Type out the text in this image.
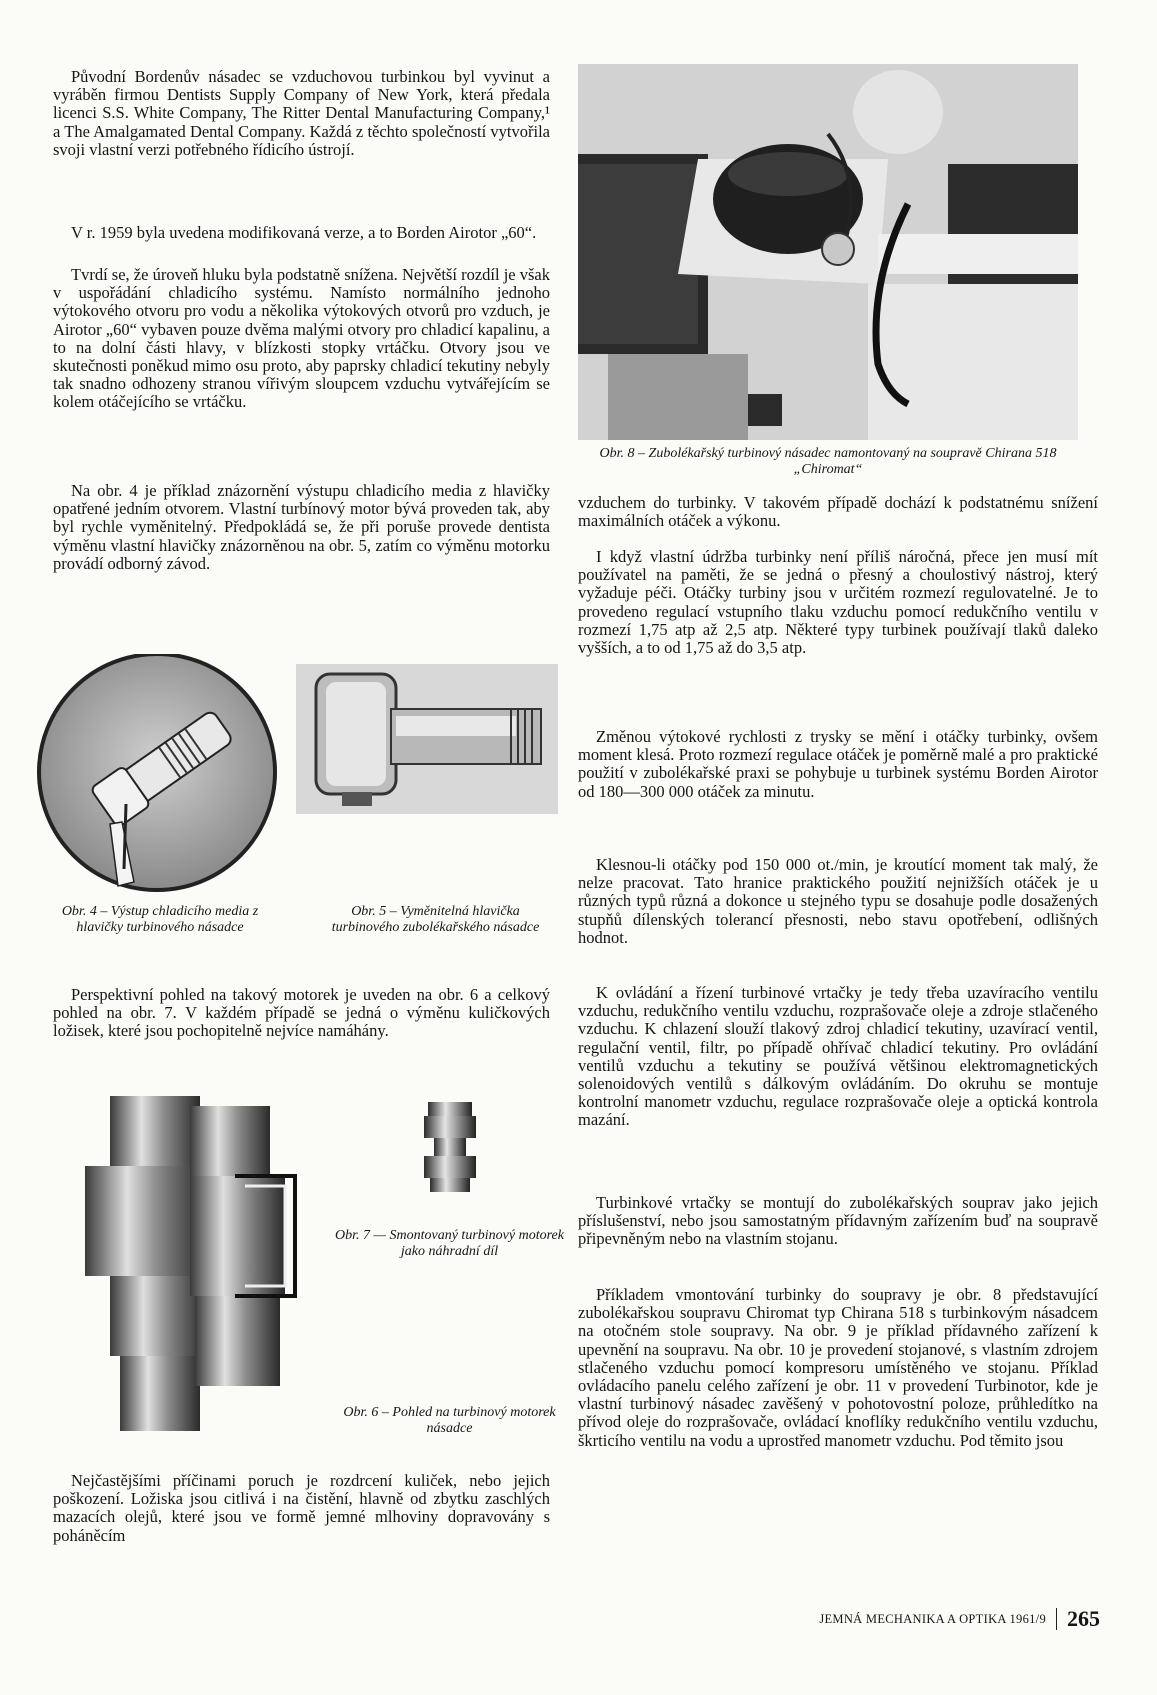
Původní Bordenův násadec se vzduchovou turbinkou byl vyvinut a vyráběn firmou Dentists Supply Company of New York, která předala licenci S.S. White Company, The Ritter Dental Manufacturing Company,¹ a The Amalgamated Dental Company. Každá z těchto společností vytvořila svoji vlastní verzi potřebného řídicího ústrojí.

V r. 1959 byla uvedena modifikovaná verze, a to Borden Airotor „60“.

Tvrdí se, že úroveň hluku byla podstatně snížena. Největší rozdíl je však v uspořádání chladicího systému. Namísto normálního jednoho výtokového otvoru pro vodu a několika výtokových otvorů pro vzduch, je Airotor „60“ vybaven pouze dvěma malými otvory pro chladicí kapalinu, a to na dolní části hlavy, v blízkosti stopky vrtáčku. Otvory jsou ve skutečnosti poněkud mimo osu proto, aby paprsky chladicí tekutiny nebyly tak snadno odhozeny stranou vířivým sloupcem vzduchu vytvářejícím se kolem otáčejícího se vrtáčku.

Na obr. 4 je příklad znázornění výstupu chladicího media z hlavičky opatřené jedním otvorem. Vlastní turbínový motor bývá proveden tak, aby byl rychle vyměnitelný. Předpokládá se, že při poruše provede dentista výměnu vlastní hlavičky znázorněnou na obr. 5, zatím co výměnu motorku provádí odborný závod.

Obr. 4 – Výstup chladicího media z hlavičky turbinového násadce

Obr. 5 – Vyměnitelná hlavička turbinového zubolékařského násadce

Perspektivní pohled na takový motorek je uveden na obr. 6 a celkový pohled na obr. 7. V každém případě se jedná o výměnu kuličkových ložisek, které jsou pochopitelně nejvíce namáhány.

Obr. 7 — Smontovaný turbinový motorek jako náhradní díl

Obr. 6 – Pohled na turbinový motorek násadce

Nejčastějšími příčinami poruch je rozdrcení kuliček, nebo jejich poškození. Ložiska jsou citlivá i na čistění, hlavně od zbytku zaschlých mazacích olejů, které jsou ve formě jemné mlhoviny dopravovány s poháněcím

Obr. 8 – Zubolékařský turbinový násadec namontovaný na soupravě Chirana 518 „Chiromat“

vzduchem do turbinky. V takovém případě dochází k podstatnému snížení maximálních otáček a výkonu.

I když vlastní údržba turbinky není příliš náročná, přece jen musí mít používatel na paměti, že se jedná o přesný a choulostivý nástroj, který vyžaduje péči. Otáčky turbiny jsou v určitém rozmezí regulovatelné. Je to provedeno regulací vstupního tlaku vzduchu pomocí redukčního ventilu v rozmezí 1,75 atp až 2,5 atp. Některé typy turbinek používají tlaků daleko vyšších, a to od 1,75 až do 3,5 atp.

Změnou výtokové rychlosti z trysky se mění i otáčky turbinky, ovšem moment klesá. Proto rozmezí regulace otáček je poměrně malé a pro praktické použití v zubolékařské praxi se pohybuje u turbinek systému Borden Airotor od 180—300 000 otáček za minutu.

Klesnou-li otáčky pod 150 000 ot./min, je kroutící moment tak malý, že nelze pracovat. Tato hranice praktického použití nejnižších otáček je u různých typů různá a dokonce u stejného typu se dosahuje podle dosažených stupňů dílenských tolerancí přesnosti, nebo stavu opotřebení, odlišných hodnot.

K ovládání a řízení turbinové vrtačky je tedy třeba uzavíracího ventilu vzduchu, redukčního ventilu vzduchu, rozprašovače oleje a zdroje stlačeného vzduchu. K chlazení slouží tlakový zdroj chladicí tekutiny, uzavírací ventil, regulační ventil, filtr, po případě ohřívač chladicí tekutiny. Pro ovládání ventilů vzduchu a tekutiny se používá většinou elektromagnetických solenoidových ventilů s dálkovým ovládáním. Do okruhu se montuje kontrolní manometr vzduchu, regulace rozprašovače oleje a optická kontrola mazání.

Turbinkové vrtačky se montují do zubolékařských souprav jako jejich příslušenství, nebo jsou samostatným přídavným zařízením buď na soupravě připevněným nebo na vlastním stojanu.

Příkladem vmontování turbinky do soupravy je obr. 8 představující zubolékařskou soupravu Chiromat typ Chirana 518 s turbinkovým násadcem na otočném stole soupravy. Na obr. 9 je příklad přídavného zařízení k upevnění na soupravu. Na obr. 10 je provedení stojanové, s vlastním zdrojem stlačeného vzduchu pomocí kompresoru umístěného ve stojanu. Příklad ovládacího panelu celého zařízení je obr. 11 v provedení Turbinotor, kde je vlastní turbinový násadec zavěšený v pohotovostní poloze, průhledítko na přívod oleje do rozprašovače, ovládací knoflíky redukčního ventilu vzduchu, škrticího ventilu na vodu a uprostřed manometr vzduchu. Pod těmito jsou

JEMNÁ MECHANIKA A OPTIKA 1961/9 265
